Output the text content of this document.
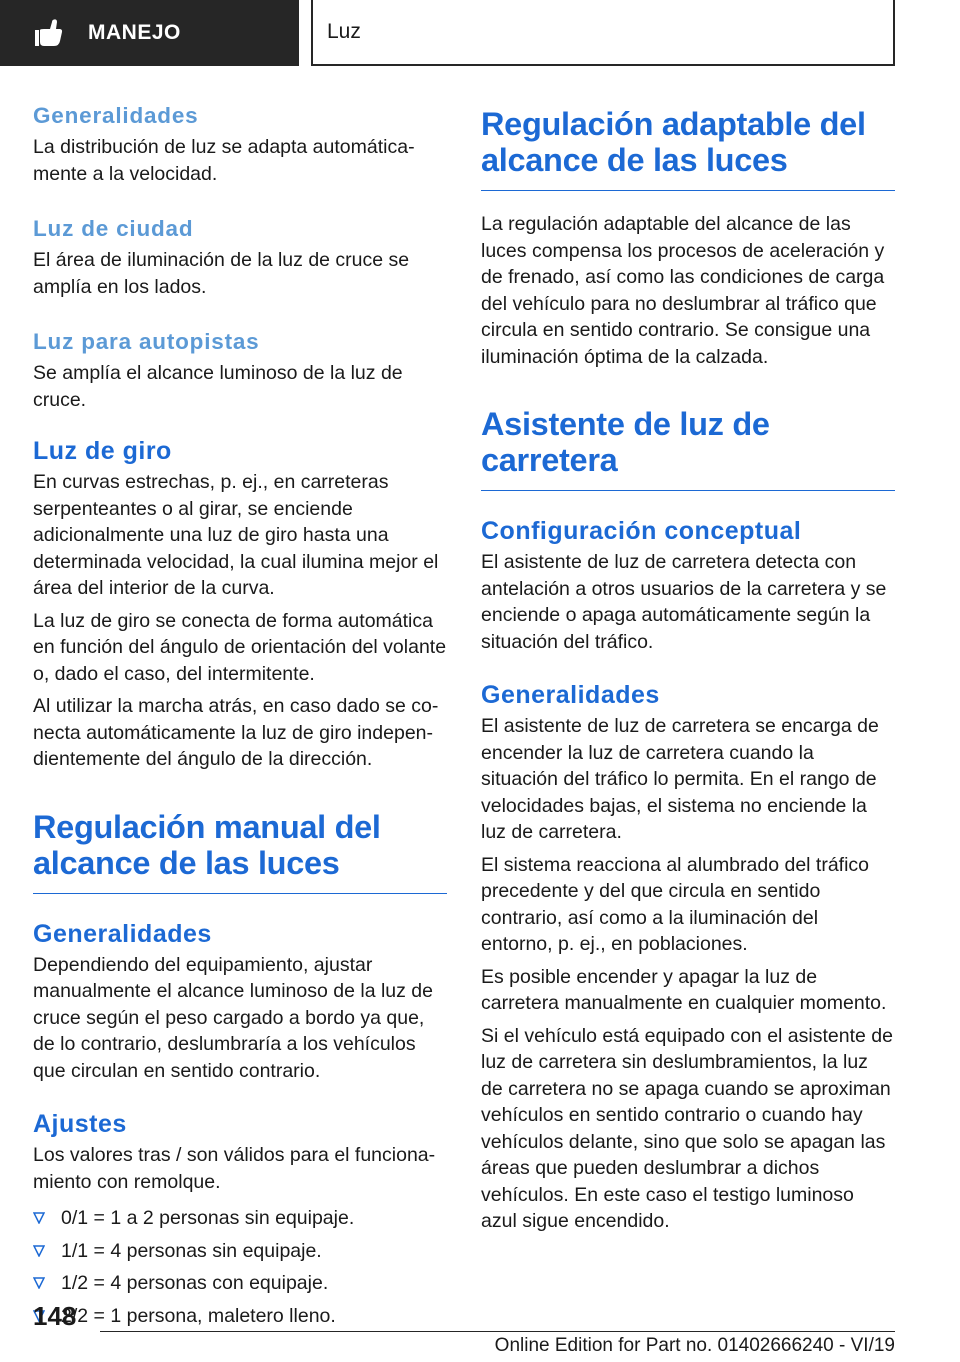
MANEJO	Luz
Generalidades

La distribución de luz se adapta automáticamente a la velocidad.

Luz de ciudad

El área de iluminación de la luz de cruce se amplía en los lados.

Luz para autopistas

Se amplía el alcance luminoso de la luz de cruce.

Luz de giro

En curvas estrechas, p. ej., en carreteras serpenteantes o al girar, se enciende adicionalmente una luz de giro hasta una determinada velocidad, la cual ilumina mejor el área del interior de la curva.

La luz de giro se conecta de forma automática en función del ángulo de orientación del volante o, dado el caso, del intermitente.

Al utilizar la marcha atrás, en caso dado se conecta automáticamente la luz de giro independientemente del ángulo de la dirección.

Regulación manual del alcance de las luces
Generalidades

Dependiendo del equipamiento, ajustar manualmente el alcance luminoso de la luz de cruce según el peso cargado a bordo ya que, de lo contrario, deslumbraría a los vehículos que circulan en sentido contrario.

Ajustes

Los valores tras / son válidos para el funcionamiento con remolque.

0/1 = 1 a 2 personas sin equipaje.
1/1 = 4 personas sin equipaje.
1/2 = 4 personas con equipaje.
2/2 = 1 persona, maletero lleno.
Regulación adaptable del alcance de las luces

La regulación adaptable del alcance de las luces compensa los procesos de aceleración y de frenado, así como las condiciones de carga del vehículo para no deslumbrar al tráfico que circula en sentido contrario. Se consigue una iluminación óptima de la calzada.

Asistente de luz de carretera
Configuración conceptual

El asistente de luz de carretera detecta con antelación a otros usuarios de la carretera y se enciende o apaga automáticamente según la situación del tráfico.

Generalidades

El asistente de luz de carretera se encarga de encender la luz de carretera cuando la situación del tráfico lo permita. En el rango de velocidades bajas, el sistema no enciende la luz de carretera.

El sistema reacciona al alumbrado del tráfico precedente y del que circula en sentido contrario, así como a la iluminación del entorno, p. ej., en poblaciones.

Es posible encender y apagar la luz de carretera manualmente en cualquier momento.

Si el vehículo está equipado con el asistente de luz de carretera sin deslumbramientos, la luz de carretera no se apaga cuando se aproximan vehículos en sentido contrario o cuando hay vehículos delante, sino que solo se apagan las áreas que pueden deslumbrar a dichos vehículos. En este caso el testigo luminoso azul sigue encendido.

148
Online Edition for Part no. 01402666240 - VI/19
